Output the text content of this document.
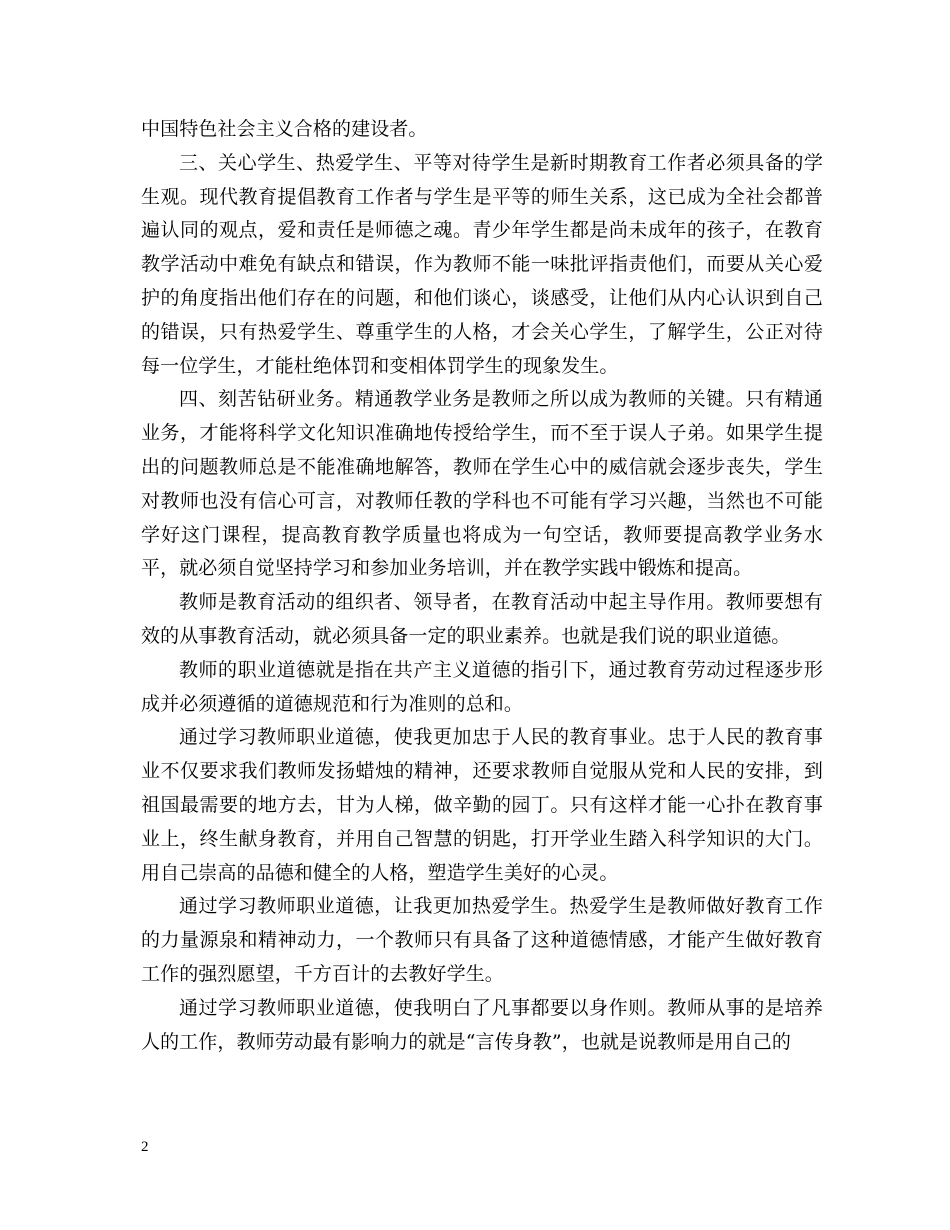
中国特色社会主义合格的建设者。

三、关心学生、热爱学生、平等对待学生是新时期教育工作者必须具备的学生观。现代教育提倡教育工作者与学生是平等的师生关系，这已成为全社会都普遍认同的观点，爱和责任是师德之魂。青少年学生都是尚未成年的孩子，在教育教学活动中难免有缺点和错误，作为教师不能一味批评指责他们，而要从关心爱护的角度指出他们存在的问题，和他们谈心，谈感受，让他们从内心认识到自己的错误，只有热爱学生、尊重学生的人格，才会关心学生，了解学生，公正对待每一位学生，才能杜绝体罚和变相体罚学生的现象发生。

四、刻苦钻研业务。精通教学业务是教师之所以成为教师的关键。只有精通业务，才能将科学文化知识准确地传授给学生，而不至于误人子弟。如果学生提出的问题教师总是不能准确地解答，教师在学生心中的威信就会逐步丧失，学生对教师也没有信心可言，对教师任教的学科也不可能有学习兴趣，当然也不可能学好这门课程，提高教育教学质量也将成为一句空话，教师要提高教学业务水平，就必须自觉坚持学习和参加业务培训，并在教学实践中锻炼和提高。

教师是教育活动的组织者、领导者，在教育活动中起主导作用。教师要想有效的从事教育活动，就必须具备一定的职业素养。也就是我们说的职业道德。

教师的职业道德就是指在共产主义道德的指引下，通过教育劳动过程逐步形成并必须遵循的道德规范和行为准则的总和。

通过学习教师职业道德，使我更加忠于人民的教育事业。忠于人民的教育事业不仅要求我们教师发扬蜡烛的精神，还要求教师自觉服从党和人民的安排，到祖国最需要的地方去，甘为人梯，做辛勤的园丁。只有这样才能一心扑在教育事业上，终生献身教育，并用自己智慧的钥匙，打开学业生踏入科学知识的大门。用自己崇高的品德和健全的人格，塑造学生美好的心灵。

通过学习教师职业道德，让我更加热爱学生。热爱学生是教师做好教育工作的力量源泉和精神动力，一个教师只有具备了这种道德情感，才能产生做好教育工作的强烈愿望，千方百计的去教好学生。

通过学习教师职业道德，使我明白了凡事都要以身作则。教师从事的是培养人的工作，教师劳动最有影响力的就是“言传身教”，也就是说教师是用自己的

2
